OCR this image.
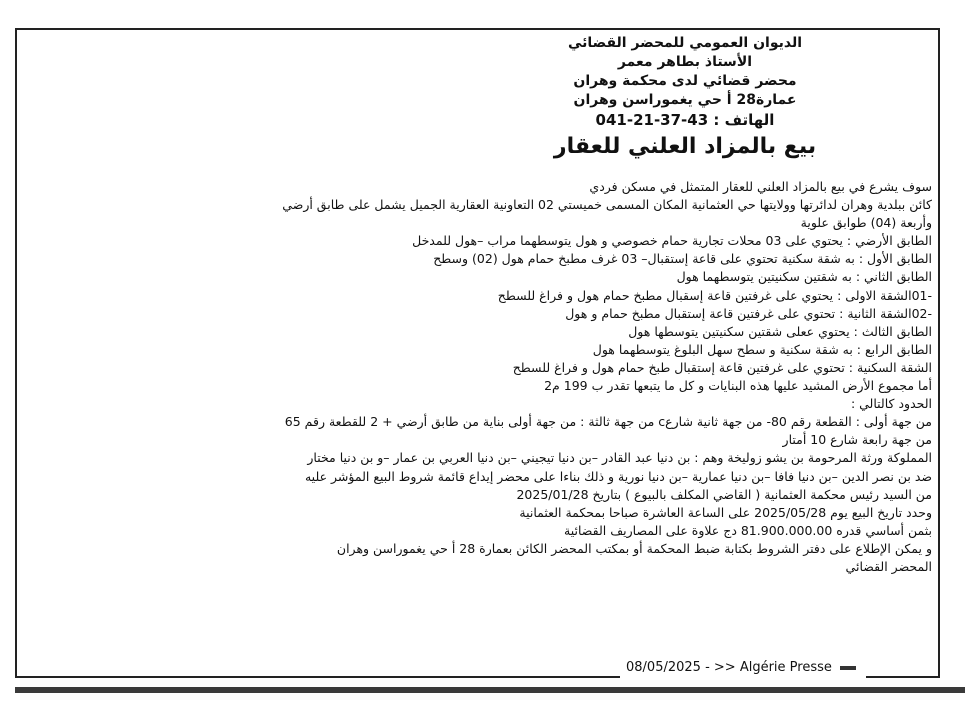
الديوان العمومي للمحضر القضائي
الأستاذ بطاهر معمر
محضر قضائي لدى محكمة وهران
عمارة28 أ حي يغموراسن وهران
الهاتف : 041-21-37-43
بيع بالمزاد العلني للعقار

سوف يشرع في بيع بالمزاد العلني للعقار المتمثل في مسكن فردي

كائن ببلدية وهران لدائرتها وولايتها حي العثمانية المكان المسمى خميستي 02 التعاونية العقارية الجميل يشمل على طابق أرضي

وأربعة (04) طوابق علوية

الطابق الأرضي : يحتوي على 03 محلات تجارية حمام خصوصي و هول يتوسطهما مراب –هول للمدخل

الطابق الأول : به شقة سكنية تحتوي على قاعة إستقبال– 03 غرف مطبخ حمام هول (02) وسطح

الطابق الثاني : به شقتين سكنيتين يتوسطهما هول

-01الشقة الاولى : يحتوي على غرفتين قاعة إسقبال مطبخ حمام هول و فراغ للسطح

-02الشقة الثانية : تحتوي على غرفتين قاعة إستقبال مطبخ حمام و هول

الطابق الثالث : يحتوي ععلى شقتين سكنيتين يتوسطها هول

الطابق الرابع : به شقة سكنية و سطح سهل البلوغ يتوسطهما هول

الشقة السكنية : تحتوي على غرفتين قاعة إستقبال طبخ حمام هول و فراغ للسطح

أما مجموع الأرض المشيد عليها هذه البنايات و كل ما يتبعها تقدر ب 199 م2

الحدود كالتالي :

من جهة أولى : القطعة رقم 80- من جهة ثانية شارعc من جهة ثالثة : من جهة أولى بناية من طابق أرضي + 2 للقطعة رقم 65

من جهة رابعة شارع 10 أمتار

المملوكة ورثة المرحومة بن يشو زوليخة وهم : بن دنيا عبد القادر –بن دنيا تيجيني –بن دنيا العربي بن عمار –و بن دنيا مختار

ضد بن نصر الدين –بن دنيا فافا –بن دنيا عمارية –بن دنيا نورية و ذلك بناءا على محضر إيداع قائمة شروط البيع المؤشر عليه

من السيد رئيس محكمة العثمانية ( القاضي المكلف بالبيوع ) بتاريخ 2025/01/28

وحدد تاريخ البيع يوم 2025/05/28 على الساعة العاشرة صباحا بمحكمة العثمانية

بثمن أساسي قدره 81.900.000.00 دج علاوة على المصاريف القضائية

و يمكن الإطلاع على دفتر الشروط بكتابة ضبط المحكمة أو بمكتب المحضر الكائن بعمارة 28 أ حي يغموراسن وهران

المحضر القضائي

08/05/2025 - >> Algérie Presse
